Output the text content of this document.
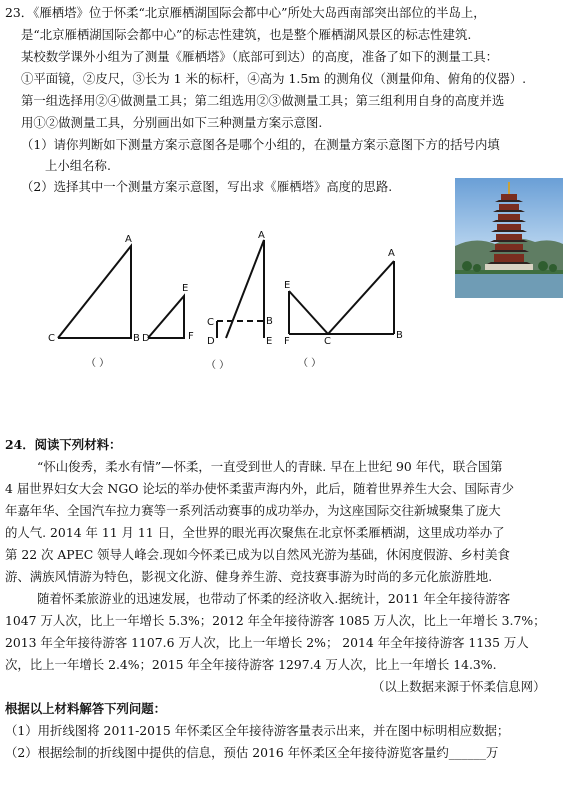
23．《雁栖塔》位于怀柔“北京雁栖湖国际会都中心”所处大岛西南部突出部位的半岛上，
是“北京雁栖湖国际会都中心”的标志性建筑，也是整个雁栖湖风景区的标志性建筑.
某校数学课外小组为了测量《雁栖塔》（底部可到达）的高度，准备了如下的测量工具：
①平面镜，②皮尺，③长为 1 米的标杆，④高为 1.5m 的测角仪（测量仰角、俯角的仪器）.
第一组选择用②④做测量工具；第二组选用②③做测量工具；第三组利用自身的高度并选
用①②做测量工具，分别画出如下三种测量方案示意图.
（1）请你判断如下测量方案示意图各是哪个小组的，在测量方案示意图下方的括号内填
上小组名称.
（2）选择其中一个测量方案示意图，写出求《雁栖塔》高度的思路.
A
C	B D
E
F
（ ）
A
C	B
D	E
（ ）
A
E
F	C
B
（ ）
24．阅读下列材料：
“怀山俊秀，柔水有情”—怀柔，一直受到世人的青睐. 早在上世纪 90 年代，联合国第
4 届世界妇女大会 NGO 论坛的举办使怀柔蜚声海内外，此后，随着世界养生大会、国际青少
年嘉年华、全国汽车拉力赛等一系列活动赛事的成功举办，为这座国际交往新城聚集了庞大
的人气. 2014 年 11 月 11 日，全世界的眼光再次聚焦在北京怀柔雁栖湖，这里成功举办了
第 22 次 APEC 领导人峰会.现如今怀柔已成为以自然风光游为基础，休闲度假游、乡村美食
游、满族风情游为特色，影视文化游、健身养生游、竞技赛事游为时尚的多元化旅游胜地.
随着怀柔旅游业的迅速发展，也带动了怀柔的经济收入.据统计，2011 年全年接待游客
1047 万人次，比上一年增长 5.3%；2012 年全年接待游客 1085 万人次，比上一年增长 3.7%；
2013 年全年接待游客 1107.6 万人次，比上一年增长 2%； 2014 年全年接待游客 1135 万人
次，比上一年增长 2.4%；2015 年全年接待游客 1297.4 万人次，比上一年增长 14.3%.
（以上数据来源于怀柔信息网）
根据以上材料解答下列问题：
（1）用折线图将 2011-2015 年怀柔区全年接待游客量表示出来，并在图中标明相应数据；
（2）根据绘制的折线图中提供的信息，预估 2016 年怀柔区全年接待游览客量约______万
